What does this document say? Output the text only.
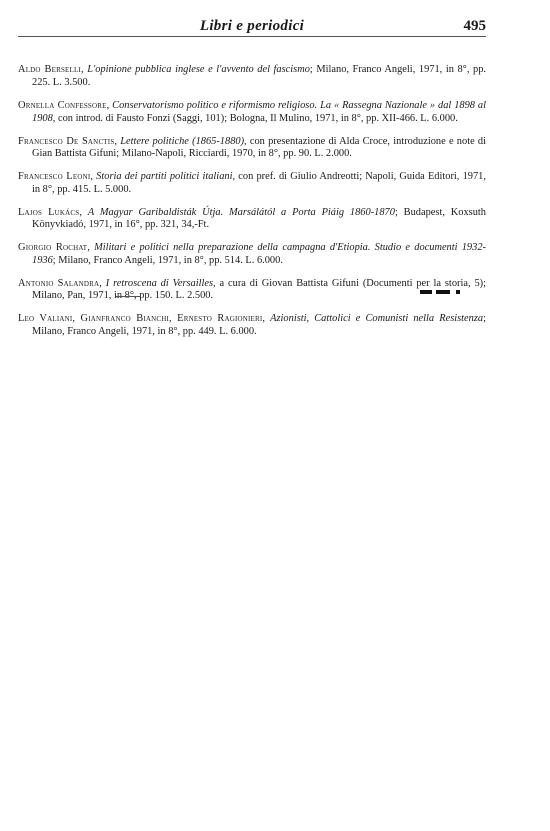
Libri e periodici	495

Aldo Berselli, L'opinione pubblica inglese e l'avvento del fascismo; Milano, Franco Angeli, 1971, in 8°, pp. 225. L. 3.500.

Ornella Confessore, Conservatorismo politico e riformismo religioso. La « Rassegna Nazionale » dal 1898 al 1908, con introd. di Fausto Fonzi (Saggi, 101); Bologna, Il Mulino, 1971, in 8°, pp. XII-466. L. 6.000.

Francesco De Sanctis, Lettere politiche (1865-1880), con presentazione di Alda Croce, introduzione e note di Gian Battista Gifuni; Milano-Napoli, Ricciardi, 1970, in 8°, pp. 90. L. 2.000.

Francesco Leoni, Storia dei partiti politici italiani, con pref. di Giulio Andreotti; Napoli, Guida Editori, 1971, in 8°, pp. 415. L. 5.000.

Lajos Lukács, A Magyar Garibaldisták Útja. Marsálától a Porta Piáig 1860-1870; Budapest, Koxsuth Könyvkiadó, 1971, in 16°, pp. 321, 34,-Ft.

Giorgio Rochat, Militari e politici nella preparazione della campagna d'Etiopia. Studio e documenti 1932-1936; Milano, Franco Angeli, 1971, in 8°, pp. 514. L. 6.000.

Antonio Salandra, I retroscena di Versailles, a cura di Giovan Battista Gifuni (Documenti per la storia, 5); Milano, Pan, 1971, in 8°, pp. 150. L. 2.500.

Leo Valiani, Gianfranco Bianchi, Ernesto Ragionieri, Azionisti, Cattolici e Comunisti nella Resistenza; Milano, Franco Angeli, 1971, in 8°, pp. 449. L. 6.000.
